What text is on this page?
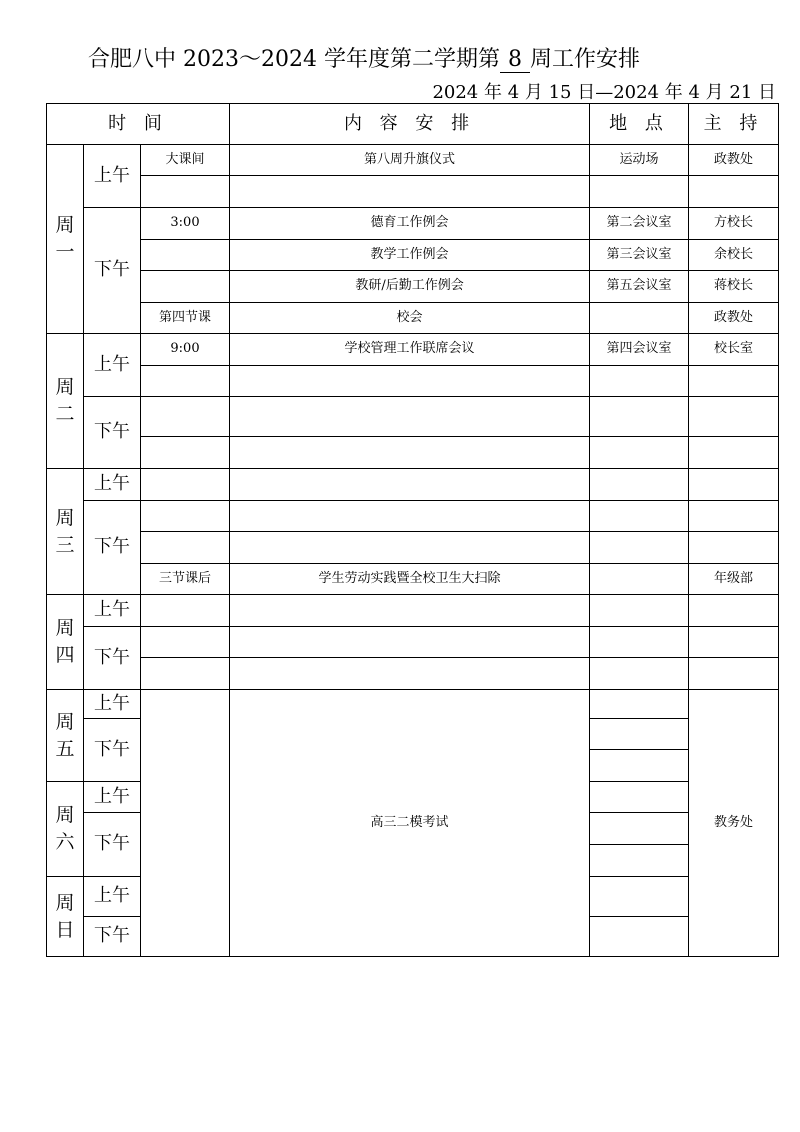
合肥八中 2023～2024 学年度第二学期第 8 周工作安排
2024 年 4 月 15 日—2024 年 4 月 21 日
时 间			内 容 安 排	地 点	主 持

周
一	上午	大课间	第八周升旗仪式	运动场	政教处

	下午	3:00	德育工作例会	第二会议室	方校长
			教学工作例会	第三会议室	余校长
			教研/后勤工作例会	第五会议室	蒋校长
		第四节课	校会		政教处

周
二	上午	9:00	学校管理工作联席会议	第四会议室	校长室

	下午				

周
三	上午				
	下午				

		三节课后	学生劳动实践暨全校卫生大扫除		年级部

周
四	上午				
	下午				

周
五	上午		高三二模考试		教务处
	下午				

周
六	上午				
	下午				

周
日	上午				
	下午				
